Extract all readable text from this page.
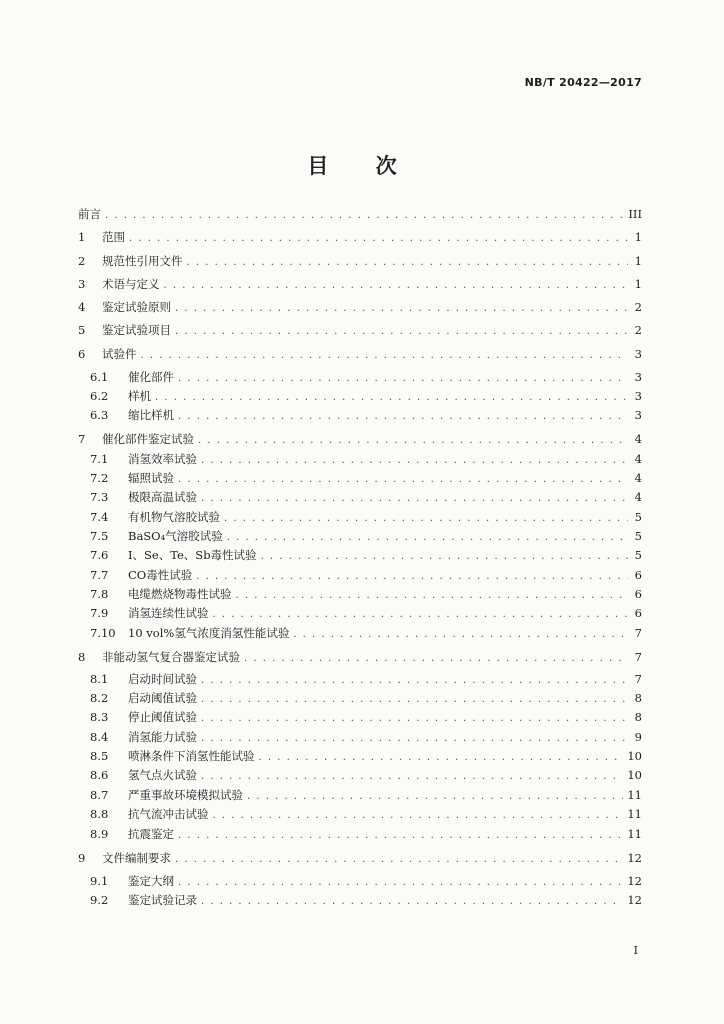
NB/T 20422—2017
目 次
前言 . . .	III
1	范围 . . .	1
2	规范性引用文件 . . .	1
3	术语与定义 . . .	1
4	鉴定试验原则 . . .	2
5	鉴定试验项目 . . .	2
6	试验件 . . .	3
6.1	催化部件 . . .	3
6.2	样机 . . .	3
6.3	缩比样机 . . .	3
7	催化部件鉴定试验 . . .	4
7.1	消氢效率试验 . . .	4
7.2	辐照试验 . . .	4
7.3	极限高温试验 . . .	4
7.4	有机物气溶胶试验 . . .	5
7.5	BaSO₄气溶胶试验 . . .	5
7.6	I、Se、Te、Sb毒性试验 . . .	5
7.7	CO毒性试验 . . .	6
7.8	电缆燃烧物毒性试验 . . .	6
7.9	消氢连续性试验 . . .	6
7.10	10 vol%氢气浓度消氢性能试验 . . .	7
8	非能动氢气复合器鉴定试验 . . .	7
8.1	启动时间试验 . . .	7
8.2	启动阈值试验 . . .	8
8.3	停止阈值试验 . . .	8
8.4	消氢能力试验 . . .	9
8.5	喷淋条件下消氢性能试验 . . .	10
8.6	氢气点火试验 . . .	10
8.7	严重事故环境模拟试验 . . .	11
8.8	抗气流冲击试验 . . .	11
8.9	抗震鉴定 . . .	11
9	文件编制要求 . . .	12
9.1	鉴定大纲 . . .	12
9.2	鉴定试验记录 . . .	12
I
